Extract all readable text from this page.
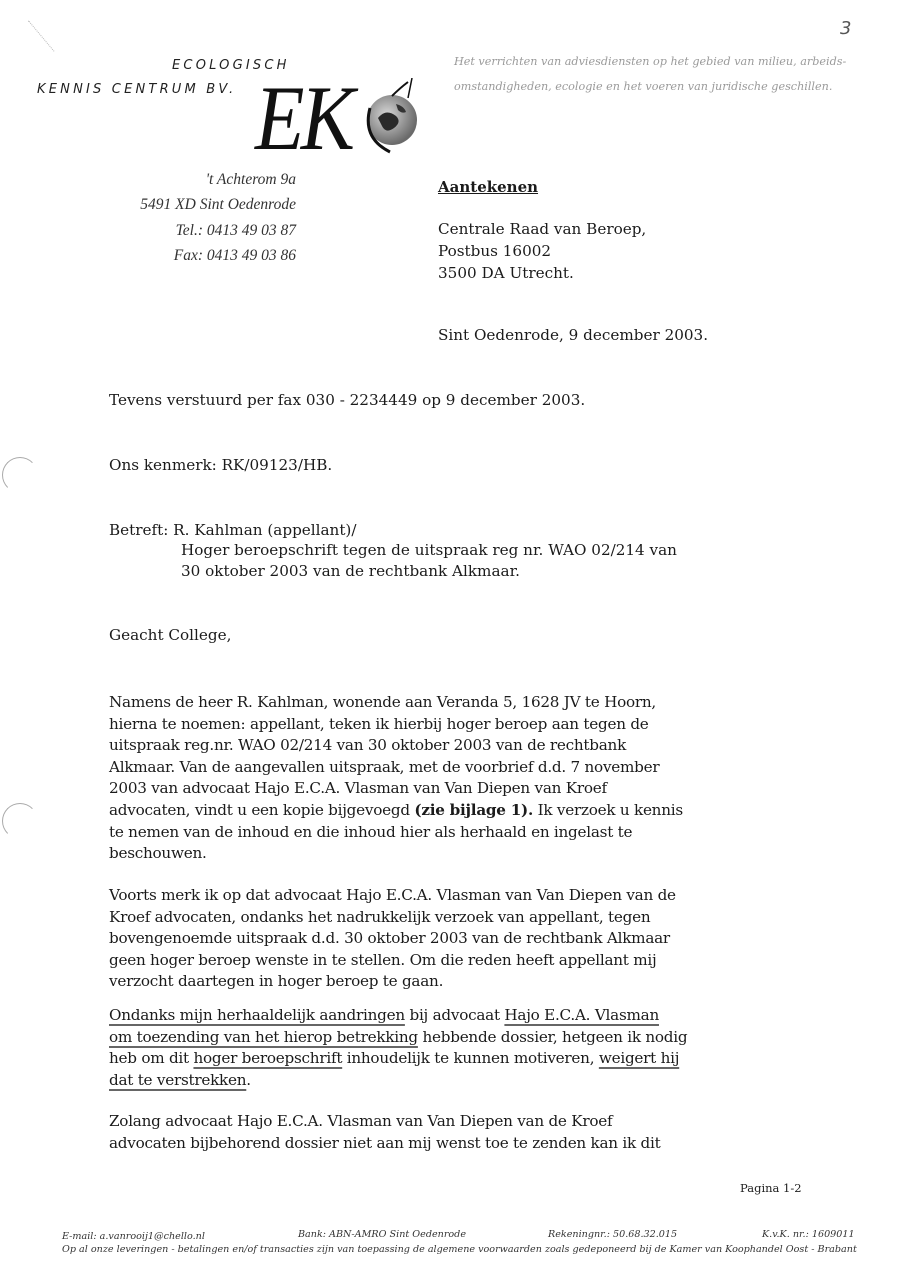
ECOLOGISCH
KENNIS CENTRUM BV. EK
Het verrichten van adviesdiensten op het gebied van milieu, arbeids-
omstandigheden, ecologie en het voeren van juridische geschillen.
3
't Achterom 9a
5491 XD Sint Oedenrode
Tel.: 0413 49 03 87
Fax: 0413 49 03 86
Aantekenen
Centrale Raad van Beroep,
Postbus 16002
3500 DA Utrecht.
Sint Oedenrode, 9 december 2003.
Tevens verstuurd per fax 030 - 2234449 op 9 december 2003.
Ons kenmerk: RK/09123/HB.
Betreft: R. Kahlman (appellant)/
Hoger beroepschrift tegen de uitspraak reg nr. WAO 02/214 van
30 oktober 2003 van de rechtbank Alkmaar.
Geacht College,
Namens de heer R. Kahlman, wonende aan Veranda 5, 1628 JV te Hoorn,
hierna te noemen: appellant, teken ik hierbij hoger beroep aan tegen de
uitspraak reg.nr. WAO 02/214 van 30 oktober 2003 van de rechtbank
Alkmaar. Van de aangevallen uitspraak, met de voorbrief d.d. 7 november
2003 van advocaat Hajo E.C.A. Vlasman van Van Diepen van Kroef
advocaten, vindt u een kopie bijgevoegd (zie bijlage 1). Ik verzoek u kennis
te nemen van de inhoud en die inhoud hier als herhaald en ingelast te
beschouwen.
Voorts merk ik op dat advocaat Hajo E.C.A. Vlasman van Van Diepen van de
Kroef advocaten, ondanks het nadrukkelijk verzoek van appellant, tegen
bovengenoemde uitspraak d.d. 30 oktober 2003 van de rechtbank Alkmaar
geen hoger beroep wenste in te stellen. Om die reden heeft appellant mij
verzocht daartegen in hoger beroep te gaan.
Ondanks mijn herhaaldelijk aandringen bij advocaat Hajo E.C.A. Vlasman
om toezending van het hierop betrekking hebbende dossier, hetgeen ik nodig
heb om dit hoger beroepschrift inhoudelijk te kunnen motiveren, weigert hij
dat te verstrekken.
Zolang advocaat Hajo E.C.A. Vlasman van Van Diepen van de Kroef
advocaten bijbehorend dossier niet aan mij wenst toe te zenden kan ik dit
Pagina 1-2
E-mail: a.vanrooij1@chello.nl	Bank: ABN-AMRO Sint Oedenrode	Rekeningnr.: 50.68.32.015	K.v.K. nr.: 1609011
Op al onze leveringen - betalingen en/of transacties zijn van toepassing de algemene voorwaarden zoals gedeponeerd bij de Kamer van Koophandel Oost - Brabant
